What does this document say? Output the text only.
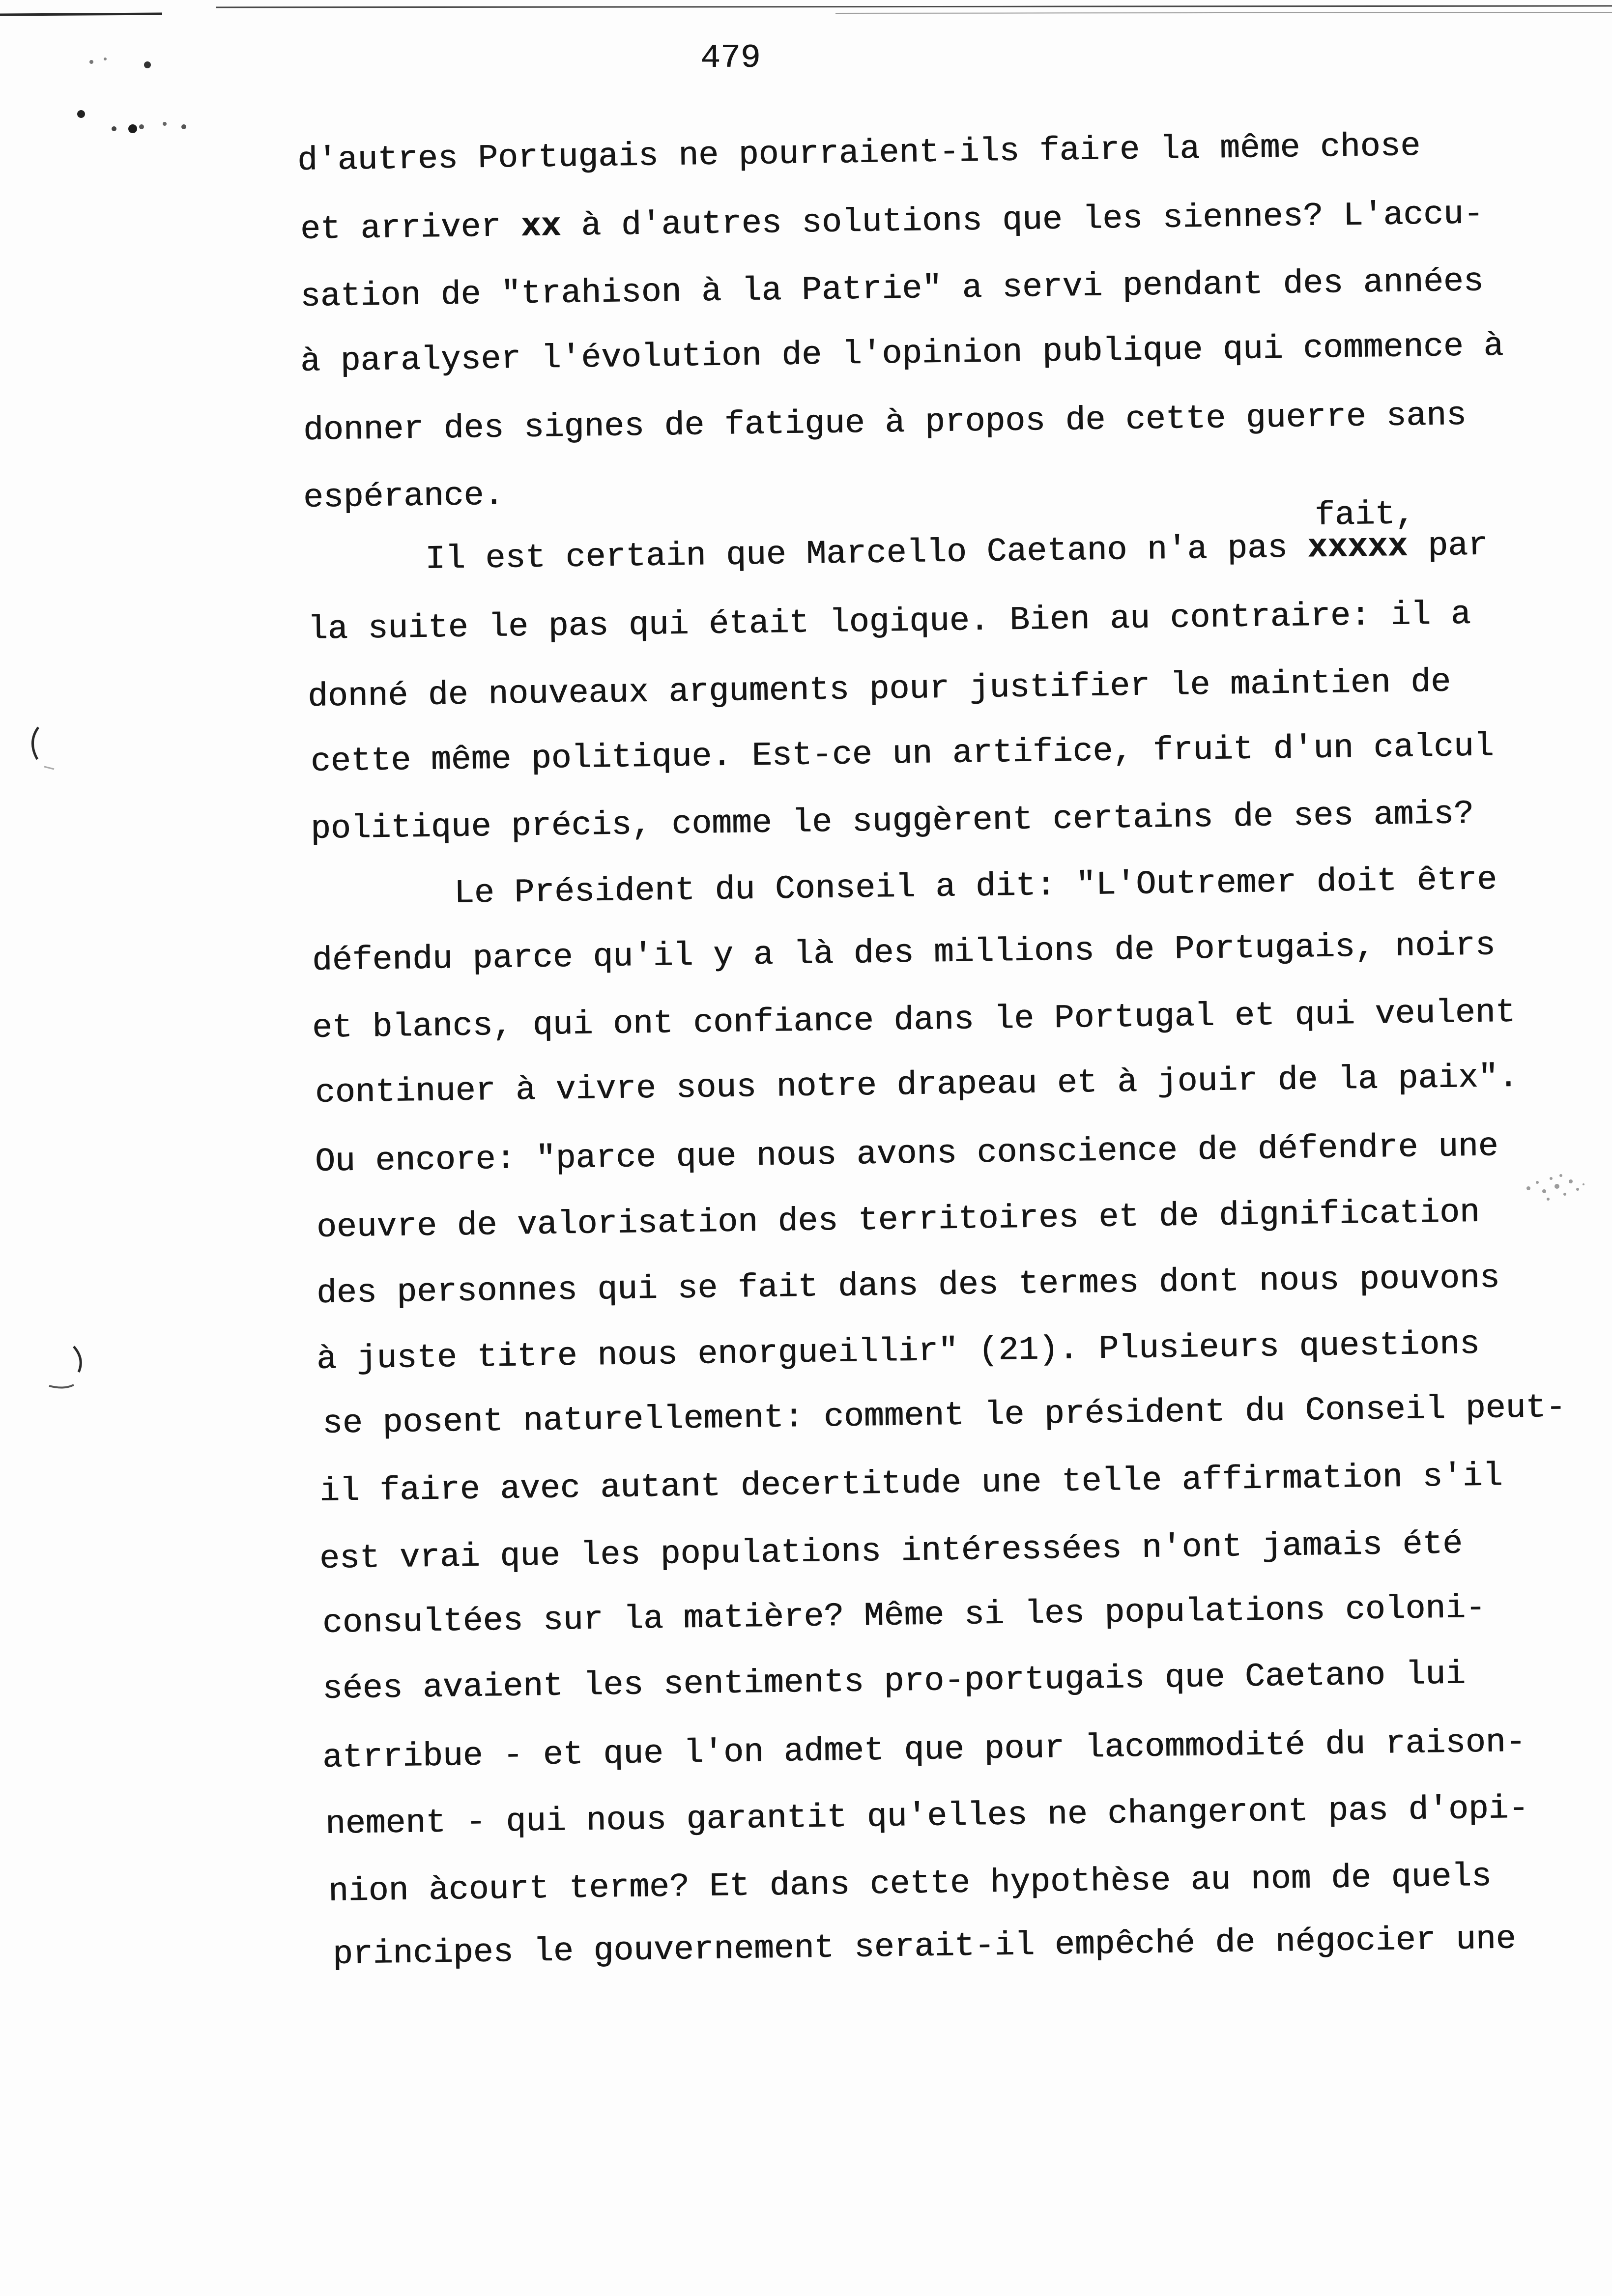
479
fait,
d'autres Portugais ne pourraient-ils faire la même chose
et arriver xx à d'autres solutions que les siennes? L'accu-
sation de "trahison à la Patrie" a servi pendant des années
à paralyser l'évolution de l'opinion publique qui commence à
donner des signes de fatigue à propos de cette guerre sans
espérance.
Il est certain que Marcello Caetano n'a pas xxxxx par
la suite le pas qui était logique. Bien au contraire: il a
donné de nouveaux arguments pour justifier le maintien de
cette même politique. Est-ce un artifice, fruit d'un calcul
politique précis, comme le suggèrent certains de ses amis?
Le Président du Conseil a dit: "L'Outremer doit être
défendu parce qu'il y a là des millions de Portugais, noirs
et blancs, qui ont confiance dans le Portugal et qui veulent
continuer à vivre sous notre drapeau et à jouir de la paix".
Ou encore: "parce que nous avons conscience de défendre une
oeuvre de valorisation des territoires et de dignification
des personnes qui se fait dans des termes dont nous pouvons
à juste titre nous enorgueillir" (21). Plusieurs questions
se posent naturellement: comment le président du Conseil peut-
il faire avec autant decertitude une telle affirmation s'il
est vrai que les populations intéressées n'ont jamais été
consultées sur la matière? Même si les populations coloni-
sées avaient les sentiments pro-portugais que Caetano lui
atrribue - et que l'on admet que pour lacommodité du raison-
nement - qui nous garantit qu'elles ne changeront pas d'opi-
nion àcourt terme? Et dans cette hypothèse au nom de quels
principes le gouvernement serait-il empêché de négocier une
